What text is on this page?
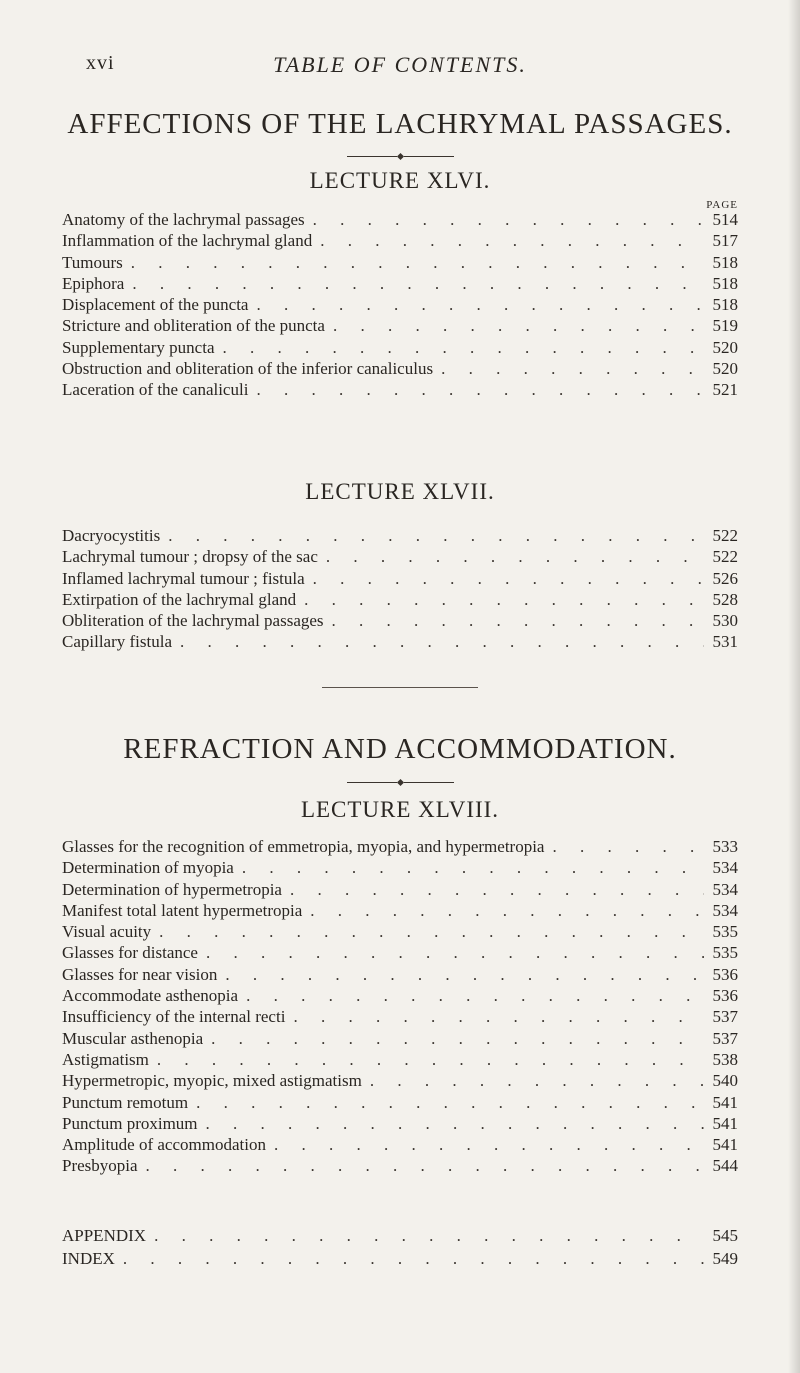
xvi	TABLE OF CONTENTS.
AFFECTIONS OF THE LACHRYMAL PASSAGES.
LECTURE XLVI.
PAGE
Anatomy of the lachrymal passages . . .	514
Inflammation of the lachrymal gland . . .	517
Tumours . . .	518
Epiphora . . .	518
Displacement of the puncta . . .	518
Stricture and obliteration of the puncta . . .	519
Supplementary puncta . . .	520
Obstruction and obliteration of the inferior canaliculus . . .	520
Laceration of the canaliculi . . .	521
LECTURE XLVII.
Dacryocystitis . . .	522
Lachrymal tumour ; dropsy of the sac . . .	522
Inflamed lachrymal tumour ; fistula . . .	526
Extirpation of the lachrymal gland . . .	528
Obliteration of the lachrymal passages . . .	530
Capillary fistula . . .	531
REFRACTION AND ACCOMMODATION.
LECTURE XLVIII.
Glasses for the recognition of emmetropia, myopia, and hypermetropia . . .	533
Determination of myopia . . .	534
Determination of hypermetropia . . .	534
Manifest total latent hypermetropia . . .	534
Visual acuity . . .	535
Glasses for distance . . .	535
Glasses for near vision . . .	536
Accommodate asthenopia . . .	536
Insufficiency of the internal recti . . .	537
Muscular asthenopia . . .	537
Astigmatism . . .	538
Hypermetropic, myopic, mixed astigmatism . . .	540
Punctum remotum . . .	541
Punctum proximum . . .	541
Amplitude of accommodation . . .	541
Presbyopia . . .	544
APPENDIX . . .	545
INDEX . . .	549
